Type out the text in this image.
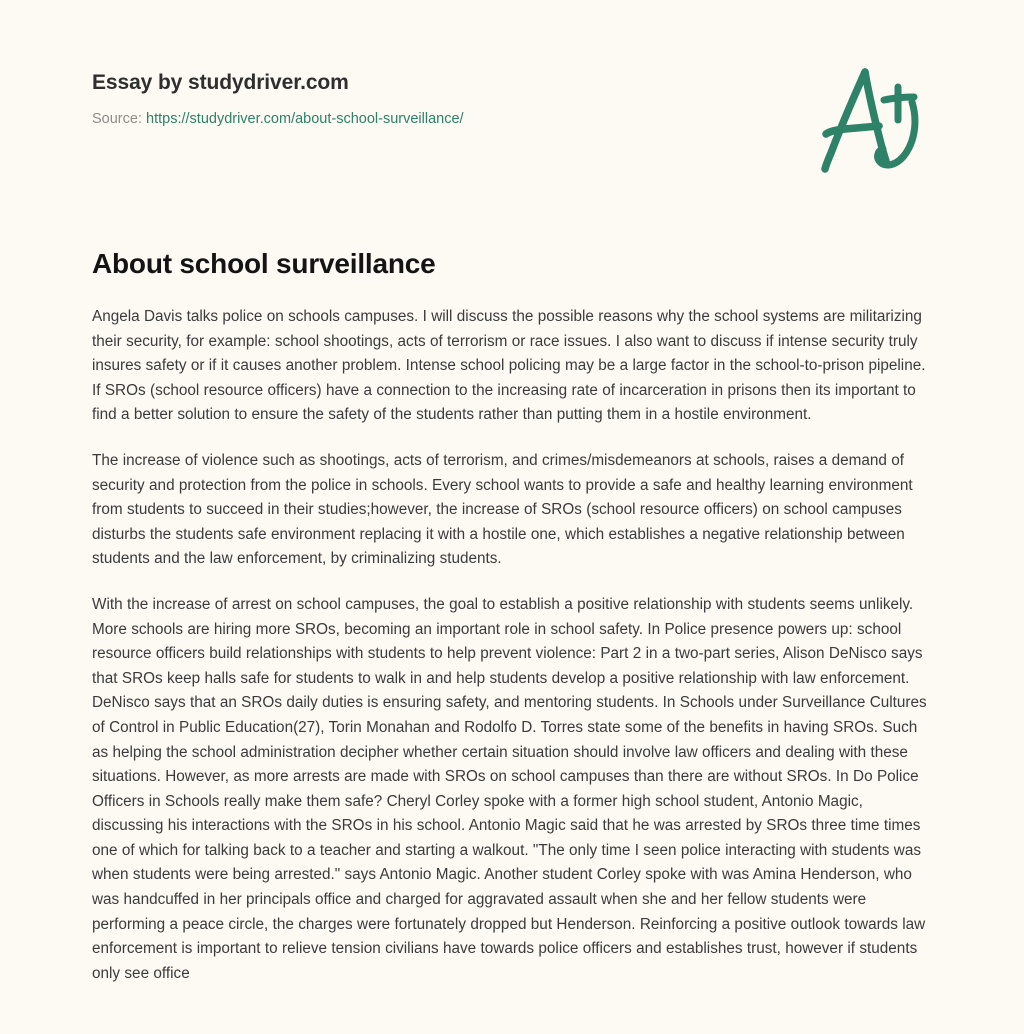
Essay by studydriver.com
Source: https://studydriver.com/about-school-surveillance/
About school surveillance

Angela Davis talks police on schools campuses. I will discuss the possible reasons why the school systems are militarizing their security, for example: school shootings, acts of terrorism or race issues. I also want to discuss if intense security truly insures safety or if it causes another problem. Intense school policing may be a large factor in the school-to-prison pipeline. If SROs (school resource officers) have a connection to the increasing rate of incarceration in prisons then its important to find a better solution to ensure the safety of the students rather than putting them in a hostile environment.

The increase of violence such as shootings, acts of terrorism, and crimes/misdemeanors at schools, raises a demand of security and protection from the police in schools. Every school wants to provide a safe and healthy learning environment from students to succeed in their studies;however, the increase of SROs (school resource officers) on school campuses disturbs the students safe environment replacing it with a hostile one, which establishes a negative relationship between students and the law enforcement, by criminalizing students.

With the increase of arrest on school campuses, the goal to establish a positive relationship with students seems unlikely. More schools are hiring more SROs, becoming an important role in school safety. In Police presence powers up: school resource officers build relationships with students to help prevent violence: Part 2 in a two-part series, Alison DeNisco says that SROs keep halls safe for students to walk in and help students develop a positive relationship with law enforcement. DeNisco says that an SROs daily duties is ensuring safety, and mentoring students. In Schools under Surveillance Cultures of Control in Public Education(27), Torin Monahan and Rodolfo D. Torres state some of the benefits in having SROs. Such as helping the school administration decipher whether certain situation should involve law officers and dealing with these situations. However, as more arrests are made with SROs on school campuses than there are without SROs. In Do Police Officers in Schools really make them safe? Cheryl Corley spoke with a former high school student, Antonio Magic, discussing his interactions with the SROs in his school. Antonio Magic said that he was arrested by SROs three time times one of which for talking back to a teacher and starting a walkout. "The only time I seen police interacting with students was when students were being arrested." says Antonio Magic. Another student Corley spoke with was Amina Henderson, who was handcuffed in her principals office and charged for aggravated assault when she and her fellow students were performing a peace circle, the charges were fortunately dropped but Henderson. Reinforcing a positive outlook towards law enforcement is important to relieve tension civilians have towards police officers and establishes trust, however if students only see office
